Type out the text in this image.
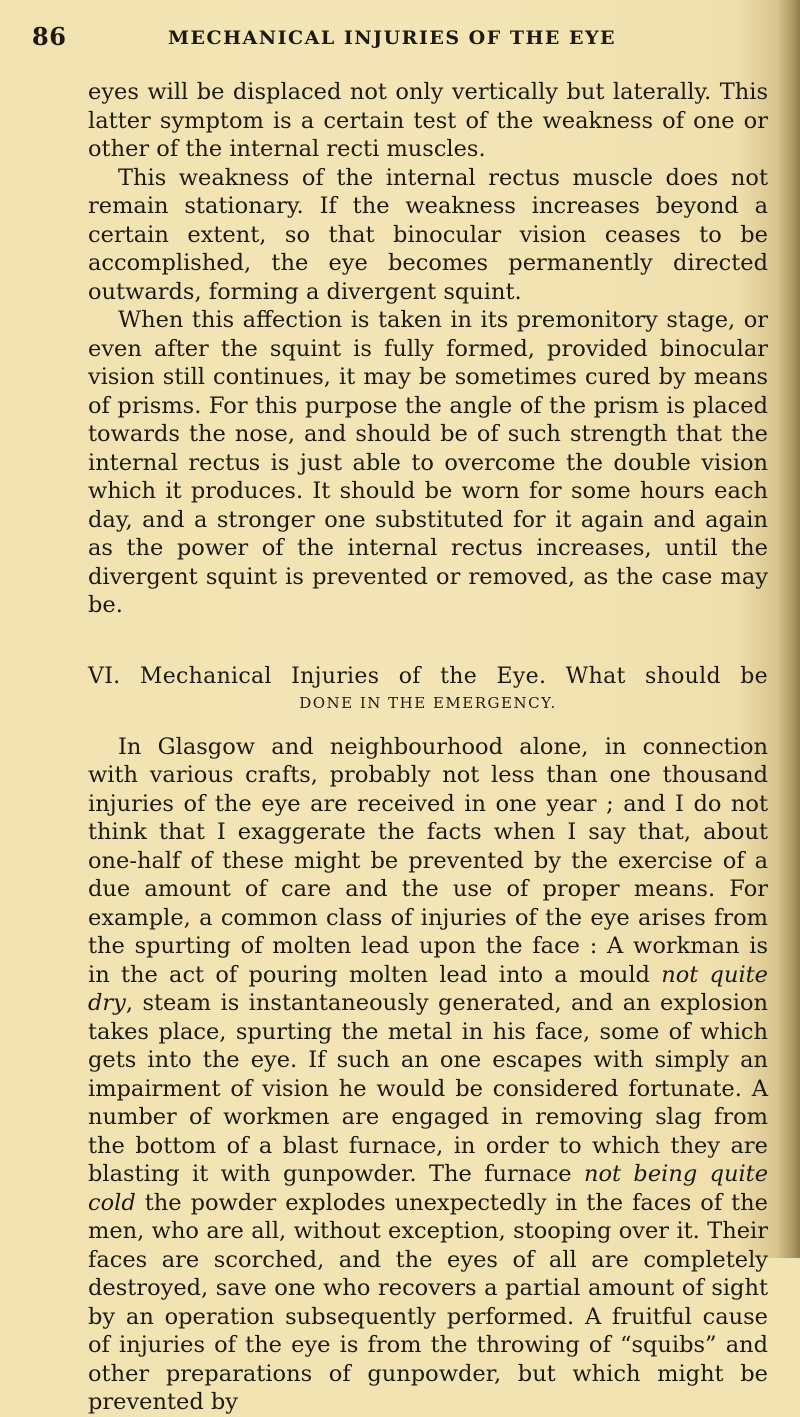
86	MECHANICAL INJURIES OF THE EYE

eyes will be displaced not only vertically but laterally. This latter symptom is a certain test of the weakness of one or other of the internal recti muscles.

This weakness of the internal rectus muscle does not remain stationary. If the weakness increases beyond a certain extent, so that binocular vision ceases to be accomplished, the eye becomes permanently directed outwards, forming a divergent squint.

When this affection is taken in its premonitory stage, or even after the squint is fully formed, provided binocular vision still continues, it may be sometimes cured by means of prisms. For this purpose the angle of the prism is placed towards the nose, and should be of such strength that the internal rectus is just able to overcome the double vision which it produces. It should be worn for some hours each day, and a stronger one substituted for it again and again as the power of the internal rectus increases, until the divergent squint is prevented or removed, as the case may be.

VI. Mechanical Injuries of the Eye. What should be
DONE IN THE EMERGENCY.

In Glasgow and neighbourhood alone, in connection with various crafts, probably not less than one thousand injuries of the eye are received in one year ; and I do not think that I exaggerate the facts when I say that, about one-half of these might be prevented by the exercise of a due amount of care and the use of proper means. For example, a common class of injuries of the eye arises from the spurting of molten lead upon the face : A workman is in the act of pouring molten lead into a mould not quite dry, steam is instantaneously generated, and an explosion takes place, spurting the metal in his face, some of which gets into the eye. If such an one escapes with simply an impairment of vision he would be considered fortunate. A number of workmen are engaged in removing slag from the bottom of a blast furnace, in order to which they are blasting it with gunpowder. The furnace not being quite cold the powder explodes unexpectedly in the faces of the men, who are all, without exception, stooping over it. Their faces are scorched, and the eyes of all are completely destroyed, save one who recovers a partial amount of sight by an operation subsequently performed. A fruitful cause of injuries of the eye is from the throwing of “squibs” and other preparations of gunpowder, but which might be prevented by
